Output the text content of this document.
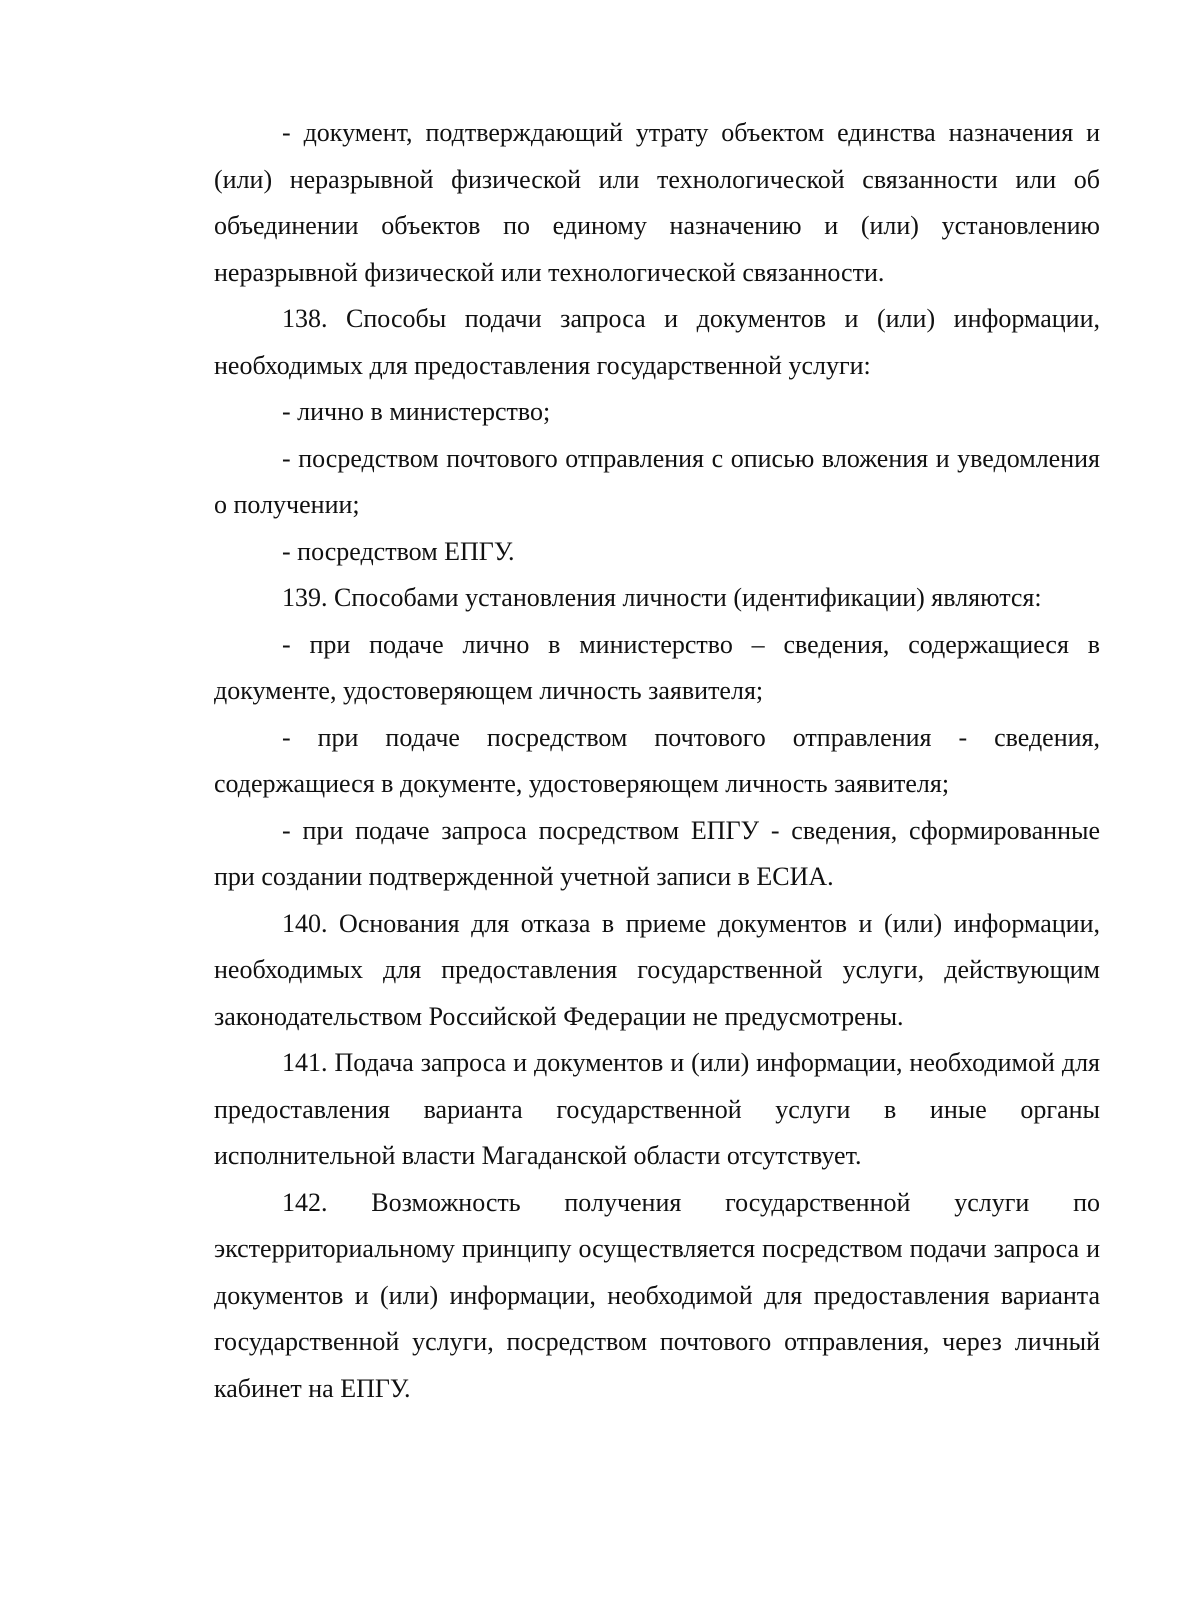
- документ, подтверждающий утрату объектом единства назначения и (или) неразрывной физической или технологической связанности или об объединении объектов по единому назначению и (или) установлению неразрывной физической или технологической связанности.

138. Способы подачи запроса и документов и (или) информации, необходимых для предоставления государственной услуги:

- лично в министерство;

- посредством почтового отправления с описью вложения и уведомления о получении;

- посредством ЕПГУ.

139. Способами установления личности (идентификации) являются:

- при подаче лично в министерство – сведения, содержащиеся в документе, удостоверяющем личность заявителя;

- при подаче посредством почтового отправления - сведения, содержащиеся в документе, удостоверяющем личность заявителя;

- при подаче запроса посредством ЕПГУ - сведения, сформированные при создании подтвержденной учетной записи в ЕСИА.

140. Основания для отказа в приеме документов и (или) информации, необходимых для предоставления государственной услуги, действующим законодательством Российской Федерации не предусмотрены.

141. Подача запроса и документов и (или) информации, необходимой для предоставления варианта государственной услуги в иные органы исполнительной власти Магаданской области отсутствует.

142. Возможность получения государственной услуги по экстерриториальному принципу осуществляется посредством подачи запроса и документов и (или) информации, необходимой для предоставления варианта государственной услуги, посредством почтового отправления, через личный кабинет на ЕПГУ.
